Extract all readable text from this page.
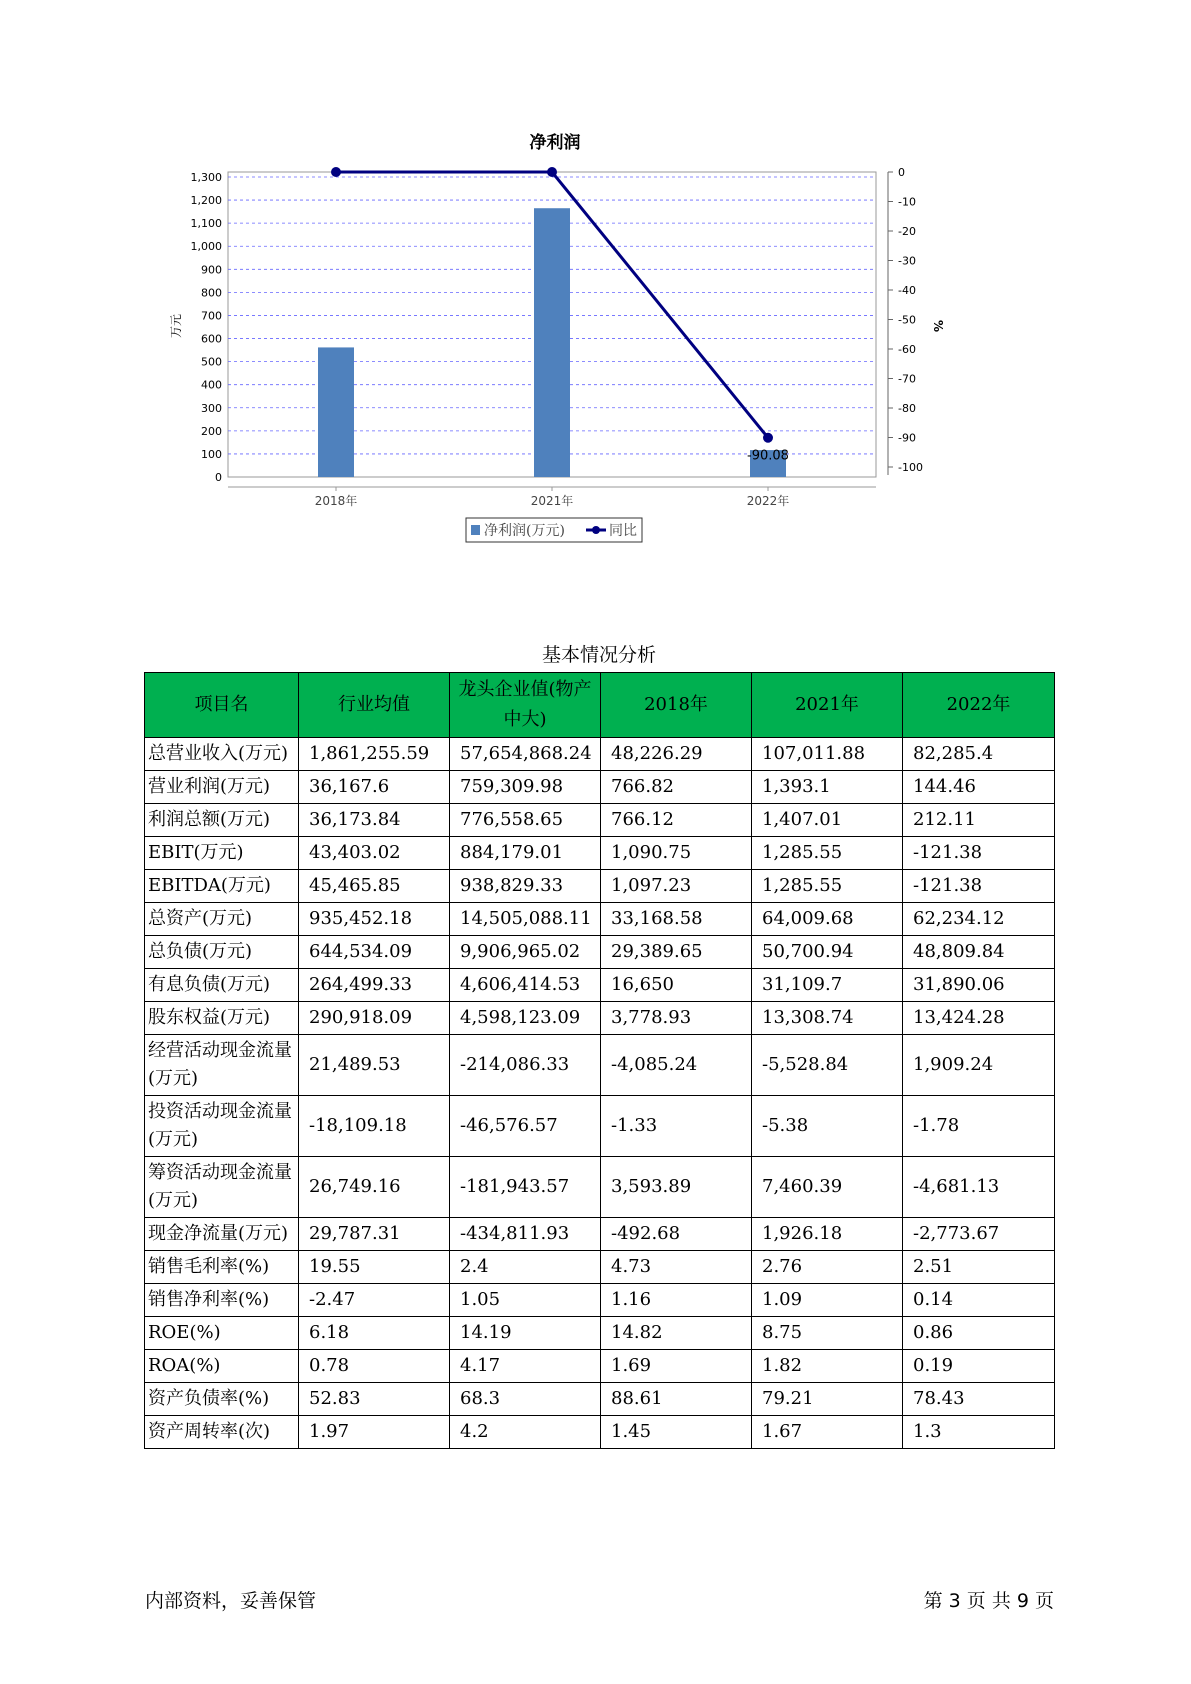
净利润
0
100
200
300
400
500
600
700
800
900
1,000
1,100
1,200
1,300	0
-10
-20
-30
-40
-50
-60
-70
-80
-90
-100
万元	%
2018年	2021年	2022年
-90.08
净利润(万元)	同比
基本情况分析
项目名	行业均值	龙头企业值(物产中大)	2018年	2021年	2022年
总营业收入(万元)	1,861,255.59	57,654,868.24	48,226.29	107,011.88	82,285.4
营业利润(万元)	36,167.6	759,309.98	766.82	1,393.1	144.46
利润总额(万元)	36,173.84	776,558.65	766.12	1,407.01	212.11
EBIT(万元)	43,403.02	884,179.01	1,090.75	1,285.55	-121.38
EBITDA(万元)	45,465.85	938,829.33	1,097.23	1,285.55	-121.38
总资产(万元)	935,452.18	14,505,088.11	33,168.58	64,009.68	62,234.12
总负债(万元)	644,534.09	9,906,965.02	29,389.65	50,700.94	48,809.84
有息负债(万元)	264,499.33	4,606,414.53	16,650	31,109.7	31,890.06
股东权益(万元)	290,918.09	4,598,123.09	3,778.93	13,308.74	13,424.28
经营活动现金流量(万元)	21,489.53	-214,086.33	-4,085.24	-5,528.84	1,909.24
投资活动现金流量(万元)	-18,109.18	-46,576.57	-1.33	-5.38	-1.78
筹资活动现金流量(万元)	26,749.16	-181,943.57	3,593.89	7,460.39	-4,681.13
现金净流量(万元)	29,787.31	-434,811.93	-492.68	1,926.18	-2,773.67
销售毛利率(%)	19.55	2.4	4.73	2.76	2.51
销售净利率(%)	-2.47	1.05	1.16	1.09	0.14
ROE(%)	6.18	14.19	14.82	8.75	0.86
ROA(%)	0.78	4.17	1.69	1.82	0.19
资产负债率(%)	52.83	68.3	88.61	79.21	78.43
资产周转率(次)	1.97	4.2	1.45	1.67	1.3
内部资料，妥善保管	第 3 页 共 9 页
